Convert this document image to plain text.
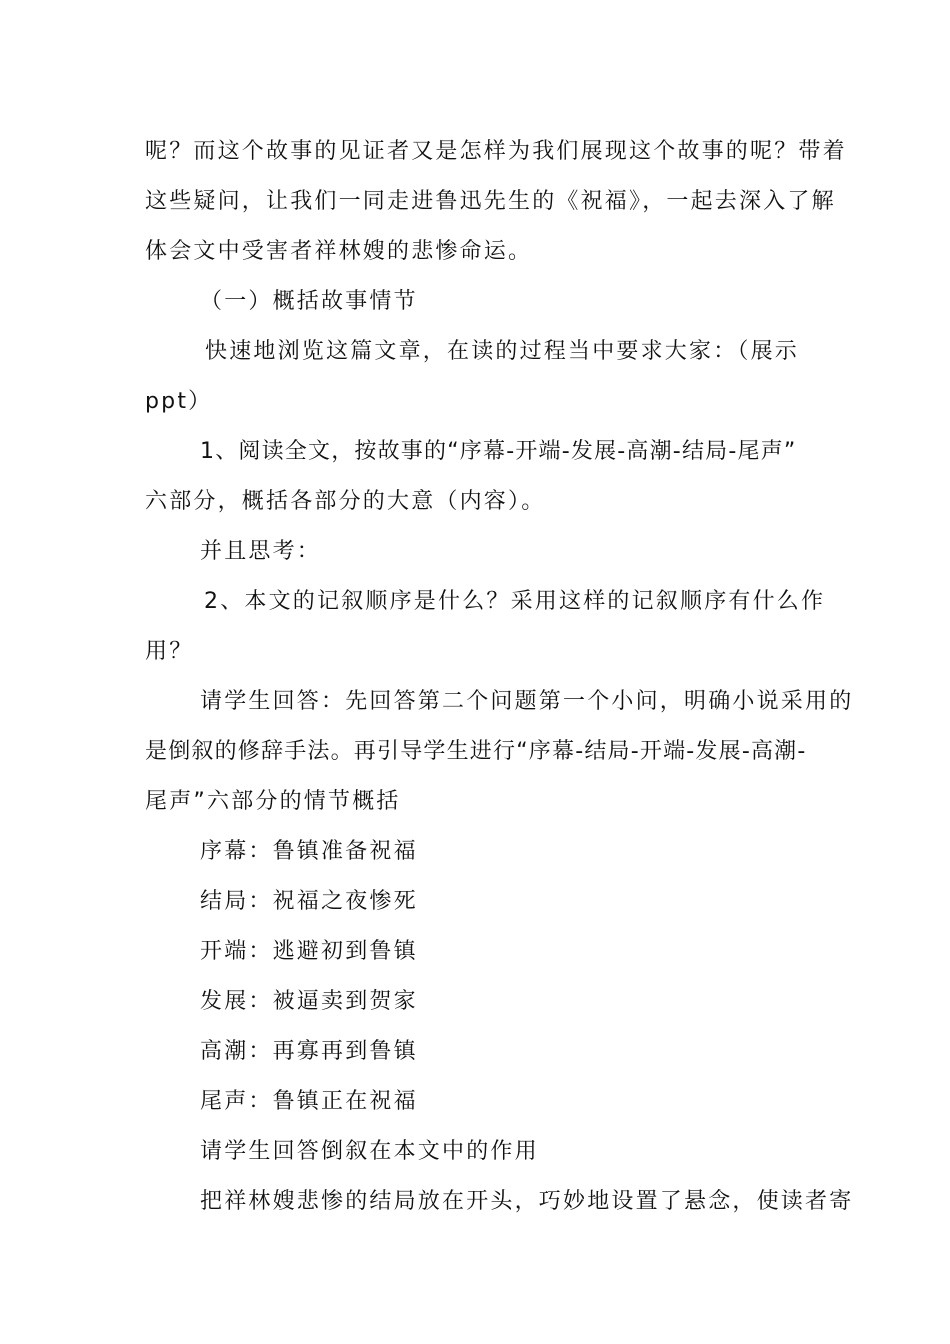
呢？而这个故事的见证者又是怎样为我们展现这个故事的呢？带着
这些疑问，让我们一同走进鲁迅先生的《祝福》，一起去深入了解
体会文中受害者祥林嫂的悲惨命运。
（一）概括故事情节
快速地浏览这篇文章，在读的过程当中要求大家：（展示
ppt）
1、阅读全文，按故事的“序幕-开端-发展-高潮-结局-尾声”
六部分，概括各部分的大意（内容）。
并且思考：
2、本文的记叙顺序是什么？采用这样的记叙顺序有什么作
用？
请学生回答：先回答第二个问题第一个小问，明确小说采用的
是倒叙的修辞手法。再引导学生进行“序幕-结局-开端-发展-高潮-
尾声”六部分的情节概括
序幕：鲁镇准备祝福
结局：祝福之夜惨死
开端：逃避初到鲁镇
发展：被逼卖到贺家
高潮：再寡再到鲁镇
尾声：鲁镇正在祝福
请学生回答倒叙在本文中的作用
把祥林嫂悲惨的结局放在开头，巧妙地设置了悬念，使读者寄
